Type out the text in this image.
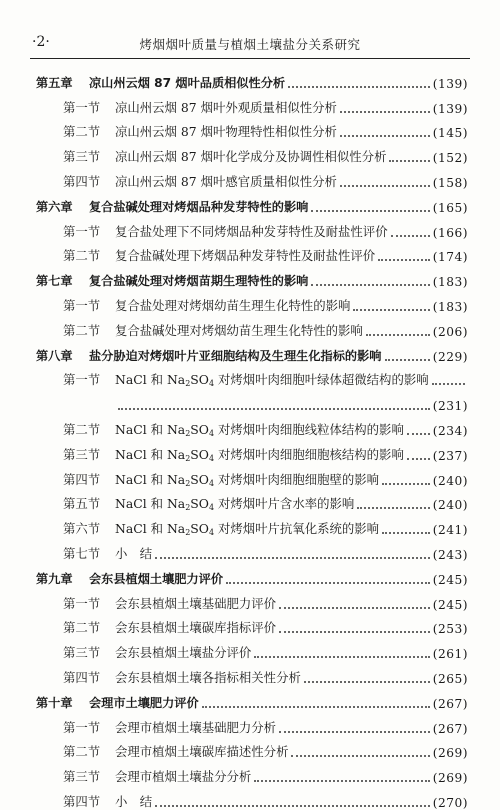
·2·	烤烟烟叶质量与植烟土壤盐分关系研究
第五章	凉山州云烟 87 烟叶品质相似性分析	(139)
第一节	凉山州云烟 87 烟叶外观质量相似性分析	(139)
第二节	凉山州云烟 87 烟叶物理特性相似性分析	(145)
第三节	凉山州云烟 87 烟叶化学成分及协调性相似性分析	(152)
第四节	凉山州云烟 87 烟叶感官质量相似性分析	(158)
第六章	复合盐碱处理对烤烟品种发芽特性的影响	(165)
第一节	复合盐处理下不同烤烟品种发芽特性及耐盐性评价	(166)
第二节	复合盐碱处理下烤烟品种发芽特性及耐盐性评价	(174)
第七章	复合盐碱处理对烤烟苗期生理特性的影响	(183)
第一节	复合盐处理对烤烟幼苗生理生化特性的影响	(183)
第二节	复合盐碱处理对烤烟幼苗生理生化特性的影响	(206)
第八章	盐分胁迫对烤烟叶片亚细胞结构及生理生化指标的影响	(229)
第一节	NaCl 和 $Na_2SO_4$ 对烤烟叶肉细胞叶绿体超微结构的影响
(231)
第二节	NaCl 和 $Na_2SO_4$ 对烤烟叶肉细胞线粒体结构的影响 (234)
第三节	NaCl 和 $Na_2SO_4$ 对烤烟叶肉细胞细胞核结构的影响 (237)
第四节	NaCl 和 $Na_2SO_4$ 对烤烟叶肉细胞细胞壁的影响	(240)
第五节	NaCl 和 $Na_2SO_4$ 对烤烟叶片含水率的影响	(240)
第六节	NaCl 和 $Na_2SO_4$ 对烤烟叶片抗氧化系统的影响	(241)
第七节	小　结	(243)
第九章	会东县植烟土壤肥力评价	(245)
第一节	会东县植烟土壤基础肥力评价	(245)
第二节	会东县植烟土壤碳库指标评价	(253)
第三节	会东县植烟土壤盐分评价	(261)
第四节	会东县植烟土壤各指标相关性分析	(265)
第十章	会理市土壤肥力评价	(267)
第一节	会理市植烟土壤基础肥力分析	(267)
第二节	会理市植烟土壤碳库描述性分析	(269)
第三节	会理市植烟土壤盐分分析	(269)
第四节	小　结	(270)
